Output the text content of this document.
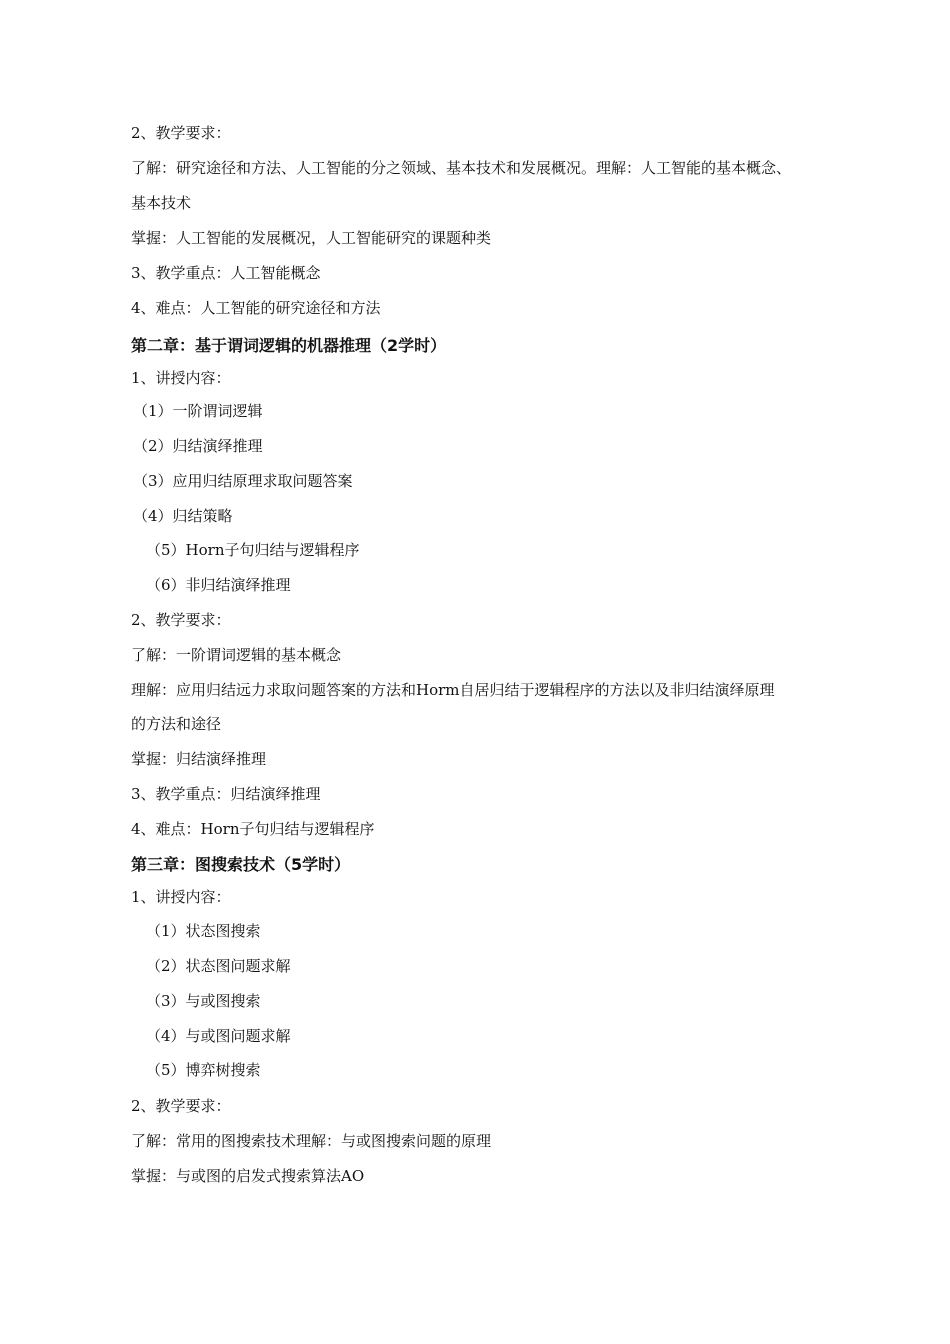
2、教学要求：
了解：研究途径和方法、人工智能的分之领域、基本技术和发展概况。理解：人工智能的基本概念、
基本技术
掌握：人工智能的发展概况，人工智能研究的课题种类
3、教学重点：人工智能概念
4、难点：人工智能的研究途径和方法
第二章：基于谓词逻辑的机器推理（2学时）
1、讲授内容：
（1）一阶谓词逻辑
（2）归结演绎推理
（3）应用归结原理求取问题答案
（4）归结策略
（5）Horn子句归结与逻辑程序
（6）非归结演绎推理
2、教学要求：
了解：一阶谓词逻辑的基本概念
理解：应用归结远力求取问题答案的方法和Horm自居归结于逻辑程序的方法以及非归结演绎原理
的方法和途径
掌握：归结演绎推理
3、教学重点：归结演绎推理
4、难点：Horn子句归结与逻辑程序
第三章：图搜索技术（5学时）
1、讲授内容：
（1）状态图搜索
（2）状态图问题求解
（3）与或图搜索
（4）与或图问题求解
（5）博弈树搜索
2、教学要求：
了解：常用的图搜索技术理解：与或图搜索问题的原理
掌握：与或图的启发式搜索算法AO
